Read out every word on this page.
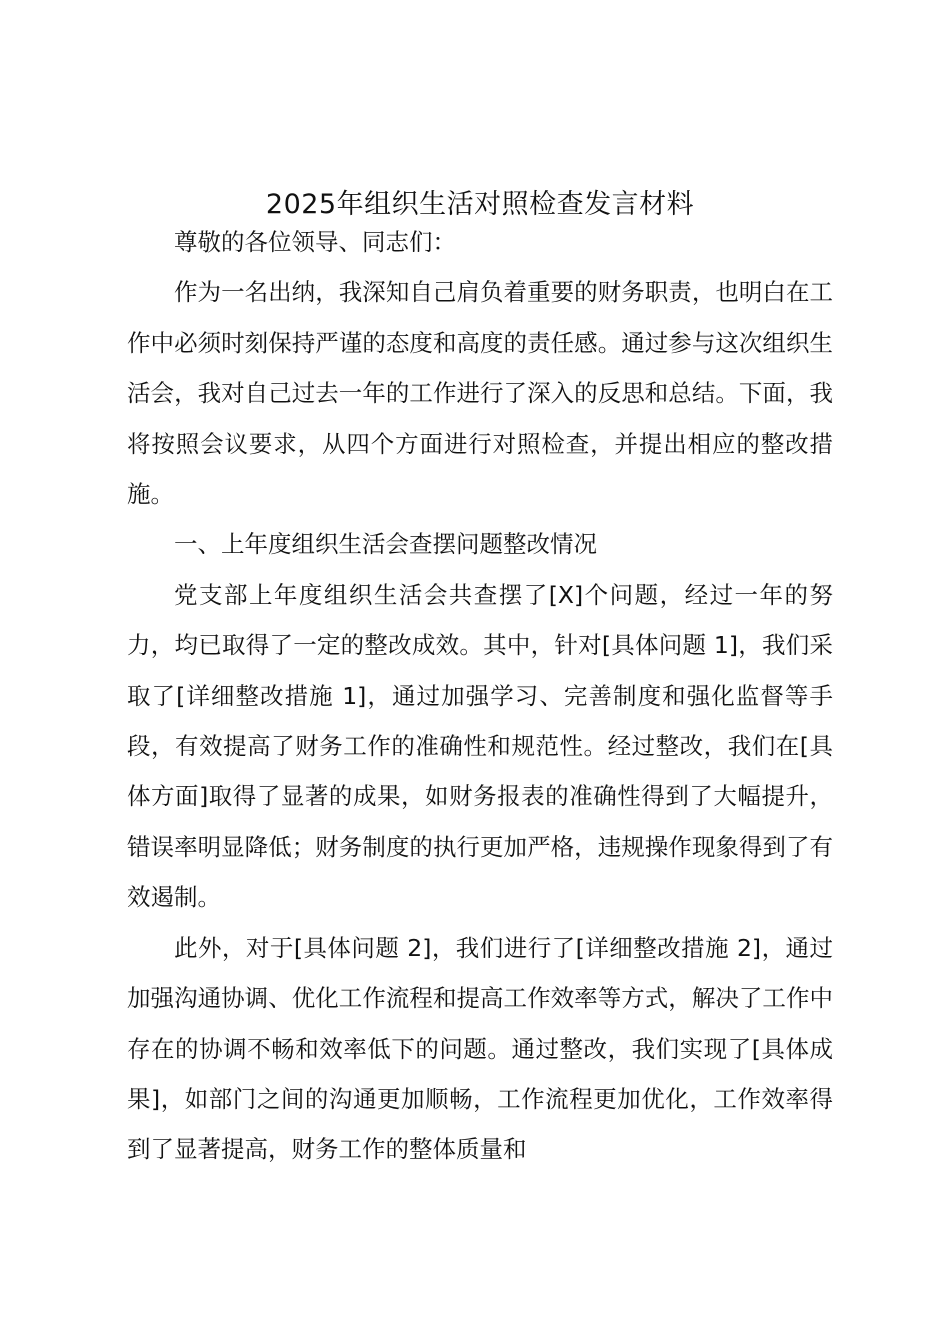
2025年组织生活对照检查发言材料

尊敬的各位领导、同志们：

作为一名出纳，我深知自己肩负着重要的财务职责，也明白在工作中必须时刻保持严谨的态度和高度的责任感。通过参与这次组织生活会，我对自己过去一年的工作进行了深入的反思和总结。下面，我将按照会议要求，从四个方面进行对照检查，并提出相应的整改措施。

一、上年度组织生活会查摆问题整改情况

党支部上年度组织生活会共查摆了[X]个问题，经过一年的努力，均已取得了一定的整改成效。其中，针对[具体问题 1]，我们采取了[详细整改措施 1]，通过加强学习、完善制度和强化监督等手段，有效提高了财务工作的准确性和规范性。经过整改，我们在[具体方面]取得了显著的成果，如财务报表的准确性得到了大幅提升，错误率明显降低；财务制度的执行更加严格，违规操作现象得到了有效遏制。

此外，对于[具体问题 2]，我们进行了[详细整改措施 2]，通过加强沟通协调、优化工作流程和提高工作效率等方式，解决了工作中存在的协调不畅和效率低下的问题。通过整改，我们实现了[具体成果]，如部门之间的沟通更加顺畅，工作流程更加优化，工作效率得到了显著提高，财务工作的整体质量和
